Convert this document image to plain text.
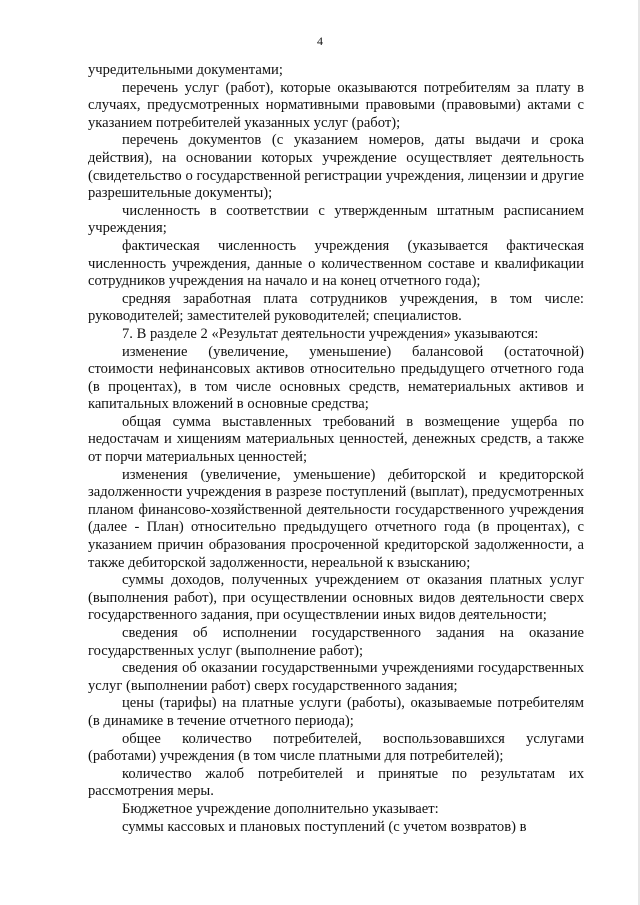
4

учредительными документами;

перечень услуг (работ), которые оказываются потребителям за плату в случаях, предусмотренных нормативными правовыми (правовыми) актами с указанием потребителей указанных услуг (работ);

перечень документов (с указанием номеров, даты выдачи и срока действия), на основании которых учреждение осуществляет деятельность (свидетельство о государственной регистрации учреждения, лицензии и другие разрешительные документы);

численность в соответствии с утвержденным штатным расписанием учреждения;

фактическая численность учреждения (указывается фактическая численность учреждения, данные о количественном составе и квалификации сотрудников учреждения на начало и на конец отчетного года);

средняя заработная плата сотрудников учреждения, в том числе: руководителей; заместителей руководителей; специалистов.

7. В разделе 2 «Результат деятельности учреждения» указываются:

изменение (увеличение, уменьшение) балансовой (остаточной) стоимости нефинансовых активов относительно предыдущего отчетного года (в процентах), в том числе основных средств, нематериальных активов и капитальных вложений в основные средства;

общая сумма выставленных требований в возмещение ущерба по недостачам и хищениям материальных ценностей, денежных средств, а также от порчи материальных ценностей;

изменения (увеличение, уменьшение) дебиторской и кредиторской задолженности учреждения в разрезе поступлений (выплат), предусмотренных планом финансово-хозяйственной деятельности государственного учреждения (далее - План) относительно предыдущего отчетного года (в процентах), с указанием причин образования просроченной кредиторской задолженности, а также дебиторской задолженности, нереальной к взысканию;

суммы доходов, полученных учреждением от оказания платных услуг (выполнения работ), при осуществлении основных видов деятельности сверх государственного задания, при осуществлении иных видов деятельности;

сведения об исполнении государственного задания на оказание государственных услуг (выполнение работ);

сведения об оказании государственными учреждениями государственных услуг (выполнении работ) сверх государственного задания;

цены (тарифы) на платные услуги (работы), оказываемые потребителям (в динамике в течение отчетного периода);

общее количество потребителей, воспользовавшихся услугами (работами) учреждения (в том числе платными для потребителей);

количество жалоб потребителей и принятые по результатам их рассмотрения меры.

Бюджетное учреждение дополнительно указывает:

суммы кассовых и плановых поступлений (с учетом возвратов) в
